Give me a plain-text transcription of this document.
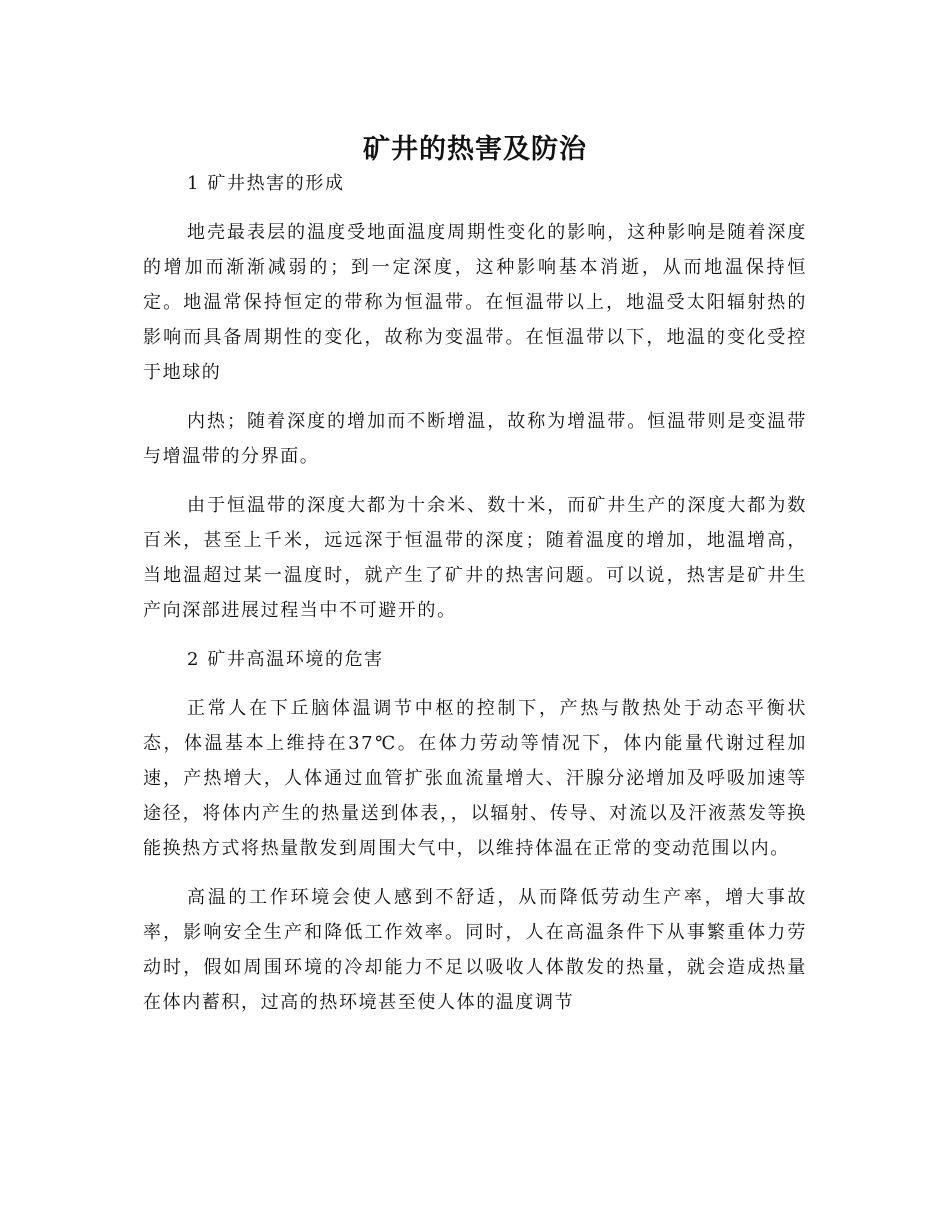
矿井的热害及防治

1 矿井热害的形成

地壳最表层的温度受地面温度周期性变化的影响，这种影响是随着深度的增加而渐渐减弱的；到一定深度，这种影响基本消逝，从而地温保持恒定。地温常保持恒定的带称为恒温带。在恒温带以上，地温受太阳辐射热的影响而具备周期性的变化，故称为变温带。在恒温带以下，地温的变化受控于地球的

内热；随着深度的增加而不断增温，故称为增温带。恒温带则是变温带与增温带的分界面。

由于恒温带的深度大都为十余米、数十米，而矿井生产的深度大都为数百米，甚至上千米，远远深于恒温带的深度；随着温度的增加，地温增高，当地温超过某一温度时，就产生了矿井的热害问题。可以说，热害是矿井生产向深部进展过程当中不可避开的。

2 矿井高温环境的危害

正常人在下丘脑体温调节中枢的控制下，产热与散热处于动态平衡状态，体温基本上维持在37℃。在体力劳动等情况下，体内能量代谢过程加速，产热增大，人体通过血管扩张血流量增大、汗腺分泌增加及呼吸加速等途径，将体内产生的热量送到体表，，以辐射、传导、对流以及汗液蒸发等换能换热方式将热量散发到周围大气中，以维持体温在正常的变动范围以内。

高温的工作环境会使人感到不舒适，从而降低劳动生产率，增大事故率，影响安全生产和降低工作效率。同时，人在高温条件下从事繁重体力劳动时，假如周围环境的冷却能力不足以吸收人体散发的热量，就会造成热量在体内蓄积，过高的热环境甚至使人体的温度调节
